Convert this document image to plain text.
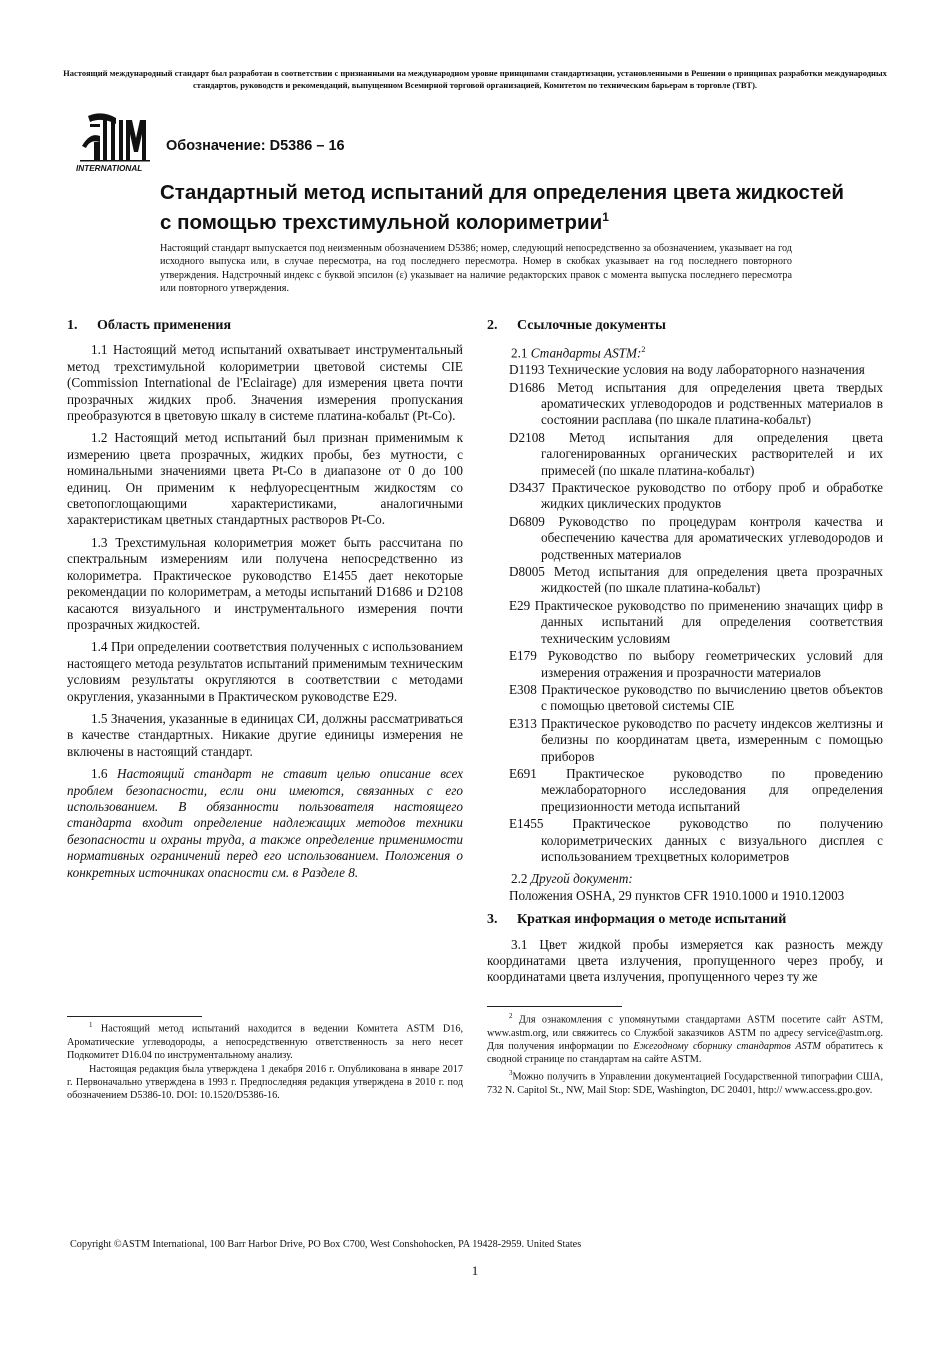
Настоящий международный стандарт был разработан в соответствии с признанными на международном уровне принципами стандартизации, установленными в Решении о принципах разработки международных стандартов, руководств и рекомендаций, выпущенном Всемирной торговой организацией, Комитетом по техническим барьерам в торговле (ТВТ).
INTERNATIONAL
Обозначение: D5386 – 16
Стандартный метод испытаний для определения цвета жидкостей с помощью трехстимульной колориметрии$^1$
Настоящий стандарт выпускается под неизменным обозначением D5386; номер, следующий непосредственно за обозначением, указывает на год исходного выпуска или, в случае пересмотра, на год последнего пересмотра. Номер в скобках указывает на год последнего повторного утверждения. Надстрочный индекс с буквой эпсилон (ε) указывает на наличие редакторских правок с момента выпуска последнего пересмотра или повторного утверждения.
1. Область применения

1.1 Настоящий метод испытаний охватывает инструментальный метод трехстимульной колориметрии цветовой системы CIE (Commission International de l'Eclairage) для измерения цвета почти прозрачных жидких проб. Значения измерения пропускания преобразуются в цветовую шкалу в системе платина-кобальт (Pt-Co).

1.2 Настоящий метод испытаний был признан применимым к измерению цвета прозрачных, жидких пробы, без мутности, с номинальными значениями цвета Pt-Co в диапазоне от 0 до 100 единиц. Он применим к нефлуоресцентным жидкостям со светопоглощающими характеристиками, аналогичными характеристикам цветных стандартных растворов Pt-Co.

1.3 Трехстимульная колориметрия может быть рассчитана по спектральным измерениям или получена непосредственно из колориметра. Практическое руководство E1455 дает некоторые рекомендации по колориметрам, а методы испытаний D1686 и D2108 касаются визуального и инструментального измерения почти прозрачных жидкостей.

1.4 При определении соответствия полученных с использованием настоящего метода результатов испытаний применимым техническим условиям результаты округляются в соответствии с методами округления, указанными в Практическом руководстве E29.

1.5 Значения, указанные в единицах СИ, должны рассматриваться в качестве стандартных. Никакие другие единицы измерения не включены в настоящий стандарт.

1.6 Настоящий стандарт не ставит целью описание всех проблем безопасности, если они имеются, связанных с его использованием. В обязанности пользователя настоящего стандарта входит определение надлежащих методов техники безопасности и охраны труда, а также определение применимости нормативных ограничений перед его использованием. Положения о конкретных источниках опасности см. в Разделе 8.

2. Ссылочные документы
2.1 Стандарты ASTM:$^2$
D1193 Технические условия на воду лабораторного назначения
D1686 Метод испытания для определения цвета твердых ароматических углеводородов и родственных материалов в состоянии расплава (по шкале платина-кобальт)
D2108 Метод испытания для определения цвета галогенированных органических растворителей и их примесей (по шкале платина-кобальт)
D3437 Практическое руководство по отбору проб и обработке жидких циклических продуктов
D6809 Руководство по процедурам контроля качества и обеспечению качества для ароматических углеводородов и родственных материалов
D8005 Метод испытания для определения цвета прозрачных жидкостей (по шкале платина-кобальт)
E29 Практическое руководство по применению значащих цифр в данных испытаний для определения соответствия техническим условиям
E179 Руководство по выбору геометрических условий для измерения отражения и прозрачности материалов
E308 Практическое руководство по вычислению цветов объектов с помощью цветовой системы CIE
E313 Практическое руководство по расчету индексов желтизны и белизны по координатам цвета, измеренным с помощью приборов
E691 Практическое руководство по проведению межлабораторного исследования для определения прецизионности метода испытаний
E1455 Практическое руководство по получению колориметрических данных с визуального дисплея с использованием трехцветных колориметров
2.2 Другой документ:
Положения OSHA, 29 пунктов CFR 1910.1000 и 1910.12003
3. Краткая информация о методе испытаний

3.1 Цвет жидкой пробы измеряется как разность между координатами цвета излучения, пропущенного через пробу, и координатами цвета излучения, пропущенного через ту же

$^1$ Настоящий метод испытаний находится в ведении Комитета ASTM D16, Ароматические углеводороды, а непосредственную ответственность за него несет Подкомитет D16.04 по инструментальному анализу.

Настоящая редакция была утверждена 1 декабря 2016 г. Опубликована в январе 2017 г. Первоначально утверждена в 1993 г. Предпоследняя редакция утверждена в 2010 г. под обозначением D5386-10. DOI: 10.1520/D5386-16.

$^2$ Для ознакомления с упомянутыми стандартами ASTM посетите сайт ASTM, www.astm.org, или свяжитесь со Службой заказчиков ASTM по адресу service@astm.org. Для получения информации по Ежегодному сборнику стандартов ASTM обратитесь к сводной странице по стандартам на сайте ASTM.

$^3$Можно получить в Управлении документацией Государственной типографии США, 732 N. Capitol St., NW, Mail Stop: SDE, Washington, DC 20401, http:// www.access.gpo.gov.

Copyright ©ASTM International, 100 Barr Harbor Drive, PO Box C700, West Conshohocken, PA 19428-2959. United States
1
